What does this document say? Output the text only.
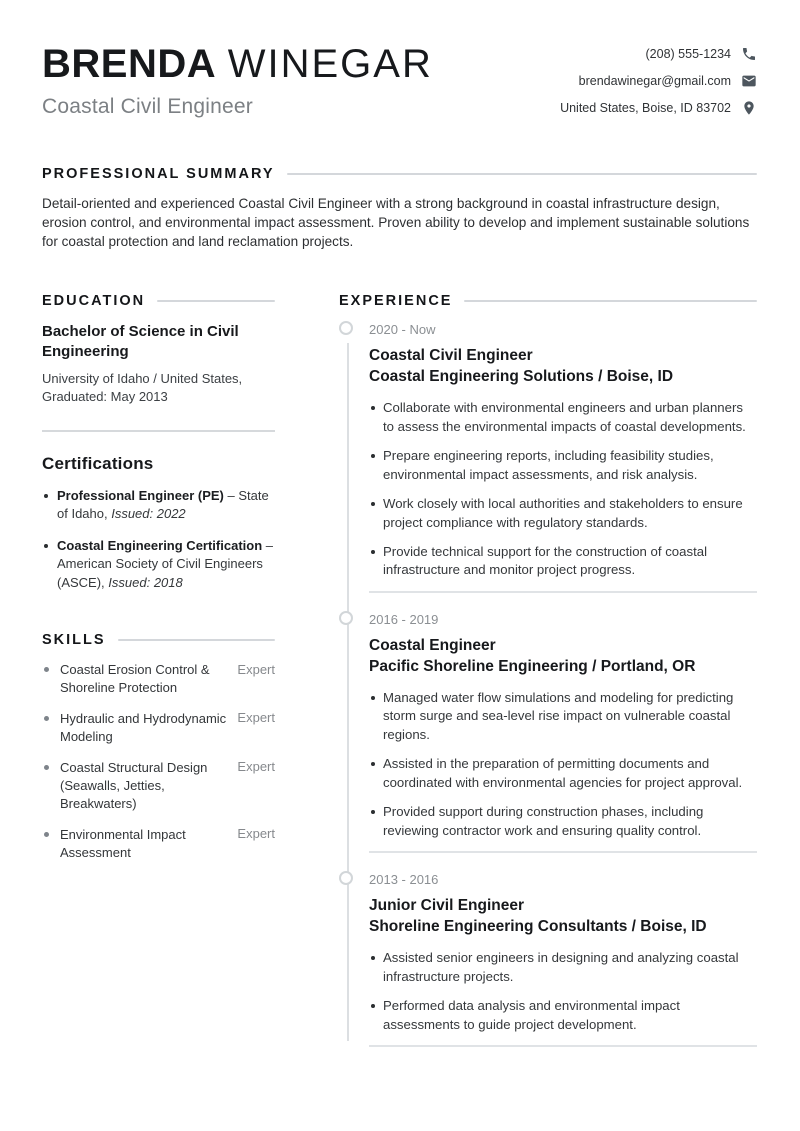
BRENDA WINEGAR
Coastal Civil Engineer
(208) 555-1234
brendawinegar@gmail.com
United States, Boise, ID 83702
PROFESSIONAL SUMMARY

Detail-oriented and experienced Coastal Civil Engineer with a strong background in coastal infrastructure design, erosion control, and environmental impact assessment. Proven ability to develop and implement sustainable solutions for coastal protection and land reclamation projects.

EDUCATION
Bachelor of Science in Civil Engineering
University of Idaho / United States, Graduated: May 2013
Certifications
Professional Engineer (PE) – State of Idaho, Issued: 2022
Coastal Engineering Certification – American Society of Civil Engineers (ASCE), Issued: 2018
SKILLS
Coastal Erosion Control & Shoreline Protection
Expert
Hydraulic and Hydrodynamic Modeling
Expert
Coastal Structural Design (Seawalls, Jetties, Breakwaters)
Expert
Environmental Impact Assessment
Expert
EXPERIENCE
2020 - Now
Coastal Civil Engineer
Coastal Engineering Solutions / Boise, ID
Collaborate with environmental engineers and urban planners to assess the environmental impacts of coastal developments.
Prepare engineering reports, including feasibility studies, environmental impact assessments, and risk analysis.
Work closely with local authorities and stakeholders to ensure project compliance with regulatory standards.
Provide technical support for the construction of coastal infrastructure and monitor project progress.
2016 - 2019
Coastal Engineer
Pacific Shoreline Engineering / Portland, OR
Managed water flow simulations and modeling for predicting storm surge and sea-level rise impact on vulnerable coastal regions.
Assisted in the preparation of permitting documents and coordinated with environmental agencies for project approval.
Provided support during construction phases, including reviewing contractor work and ensuring quality control.
2013 - 2016
Junior Civil Engineer
Shoreline Engineering Consultants / Boise, ID
Assisted senior engineers in designing and analyzing coastal infrastructure projects.
Performed data analysis and environmental impact assessments to guide project development.
